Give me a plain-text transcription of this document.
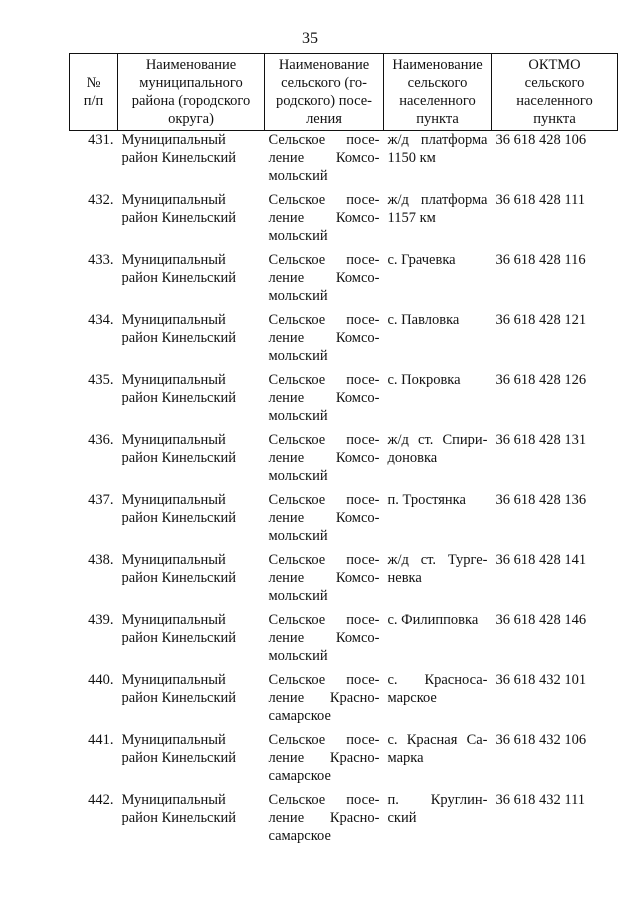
35
№
п/п	Наименование
муниципального
района (городского
округа)	Наименование
сельского (го-
родского) посе-
ления	Наименование
сельского
населенного
пункта	ОКТМО
сельского
населенного
пункта

431.	Муниципальный
район Кинельский	Сельское посе-
ление Комсо-
мольский	ж/д платформа
1150 км	36 618 428 106

432.	Муниципальный
район Кинельский	Сельское посе-
ление Комсо-
мольский	ж/д платформа
1157 км	36 618 428 111

433.	Муниципальный
район Кинельский	Сельское посе-
ление Комсо-
мольский	с. Грачевка	36 618 428 116

434.	Муниципальный
район Кинельский	Сельское посе-
ление Комсо-
мольский	с. Павловка	36 618 428 121

435.	Муниципальный
район Кинельский	Сельское посе-
ление Комсо-
мольский	с. Покровка	36 618 428 126

436.	Муниципальный
район Кинельский	Сельское посе-
ление Комсо-
мольский	ж/д ст. Спири-
доновка	36 618 428 131

437.	Муниципальный
район Кинельский	Сельское посе-
ление Комсо-
мольский	п. Тростянка	36 618 428 136

438.	Муниципальный
район Кинельский	Сельское посе-
ление Комсо-
мольский	ж/д ст. Турге-
невка	36 618 428 141

439.	Муниципальный
район Кинельский	Сельское посе-
ление Комсо-
мольский	с. Филипповка	36 618 428 146

440.	Муниципальный
район Кинельский	Сельское посе-
ление Красно-
самарское	с. Красноса-
марское	36 618 432 101

441.	Муниципальный
район Кинельский	Сельское посе-
ление Красно-
самарское	с. Красная Са-
марка	36 618 432 106

442.	Муниципальный
район Кинельский	Сельское посе-
ление Красно-
самарское	п. Круглин-
ский	36 618 432 111
